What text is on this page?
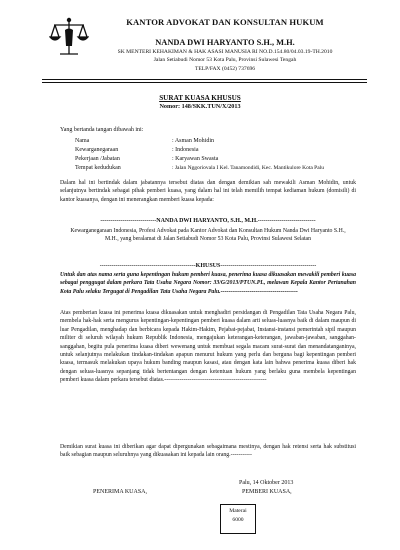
KANTOR ADVOKAT DAN KONSULTAN HUKUM
NANDA DWI HARYANTO S.H., M.H.
SK MENTERI KEHAKIMAN & HAK ASASI MANUSIA RI NO.D.154.80/04.03.19-TH.2010
Jalan Setiabudi Nomor 53 Kota Palu, Provinsi Sulawesi Tengah
TELP/FAX (0452) 737696
SURAT KUASA KHUSUS
Nomor: 148/SKK.TUN/X/2013
Yang bertanda tangan dibawah ini:
Nama	: Asman Mohidin
Kewarganegaraan	: Indonesia
Pekerjaan /Jabatan	: Karyawan Swasta
Tempat kedudukan	: Jalan Nggoriovala I Kel. Tanamondidi, Kec. Mantikulore Kota Palu
Dalam hal ini bertindak dalam jabatannya tersebut diatas dan dengan demikian sah mewakili Asman Mohidin, untuk selanjutnya bertindak sebagai pihak pemberi kuasa, yang dalam hal ini telah memilih tempat kediaman hukum (domisili) di kantor kuasanya, dengan ini menerangkan memberi kuasa kepada:
----------------------------NANDA DWI HARYANTO, S.H., M.H.-----------------------------
Kewarganegaraan Indonesia, Profesi Advokat pada Kantor Advokat dan Konsultan Hukum Nanda Dwi Haryanto S.H., M.H., yang beralamat di Jalan Setiabudi Nomor 53 Kota Palu, Provinsi Sulawesi Selatan
------------------------------------------------KHUSUS------------------------------------------------
Untuk dan atas nama serta guna kepentingan hukum pemberi kuasa, penerima kuasa dikuasakan mewakili pemberi kuasa sebagai penggugat dalam perkara Tata Usaha Negara Nomor: 33/G/2013/PTUN.PL, melawan Kepala Kantor Pertanahan Kota Palu selaku Tergugat di Pengadilan Tata Usaha Negara Palu.----------------------------------------
Atas pemberian kuasa ini penerima kuasa dikuasakan untuk menghadiri persidangan di Pengadilan Tata Usaha Negara Palu, membela hak-hak serta mengurus kepentingan-kepentingan pemberi kuasa dalam arti seluas-luasnya baik di dalam maupun di luar Pengadilan, menghadap dan berbicara kepada Hakim-Hakim, Pejabat-pejabat, Instansi-instansi pemerintah sipil maupun militer di seluruh wilayah hukum Republik Indonesia, mengajukan keterangan-keterangan, jawaban-jawaban, sanggahan-sanggahan, begitu pula penerima kuasa diberi wewenang untuk membuat segala macam surat-surat dan menandatanganinya, untuk selanjutnya melakukan tindakan-tindakan apapun menurut hukum yang perlu dan berguna bagi kepentingan pemberi kuasa, termasuk melakukan upaya hukum banding maupun kasasi, atau dengan kata lain bahwa penerima kuasa diberi hak dengan seluas-luasnya sepanjang tidak bertentangan dengan ketentuan hukum yang berlaku guna membela kepentingan pemberi kuasa dalam perkara tersebut diatas.-----------------------------------------------------
Demikian surat kuasa ini diberikan agar dapat dipergunakan sebagaimana mestinya, dengan hak retensi serta hak substitusi baik sebagian maupun seluruhnya yang dikuasakan ini kepada lain orang.-----------
Palu, 14 Oktober 2013
PENERIMA KUASA,	PEMBERI KUASA,
Materai
6000
